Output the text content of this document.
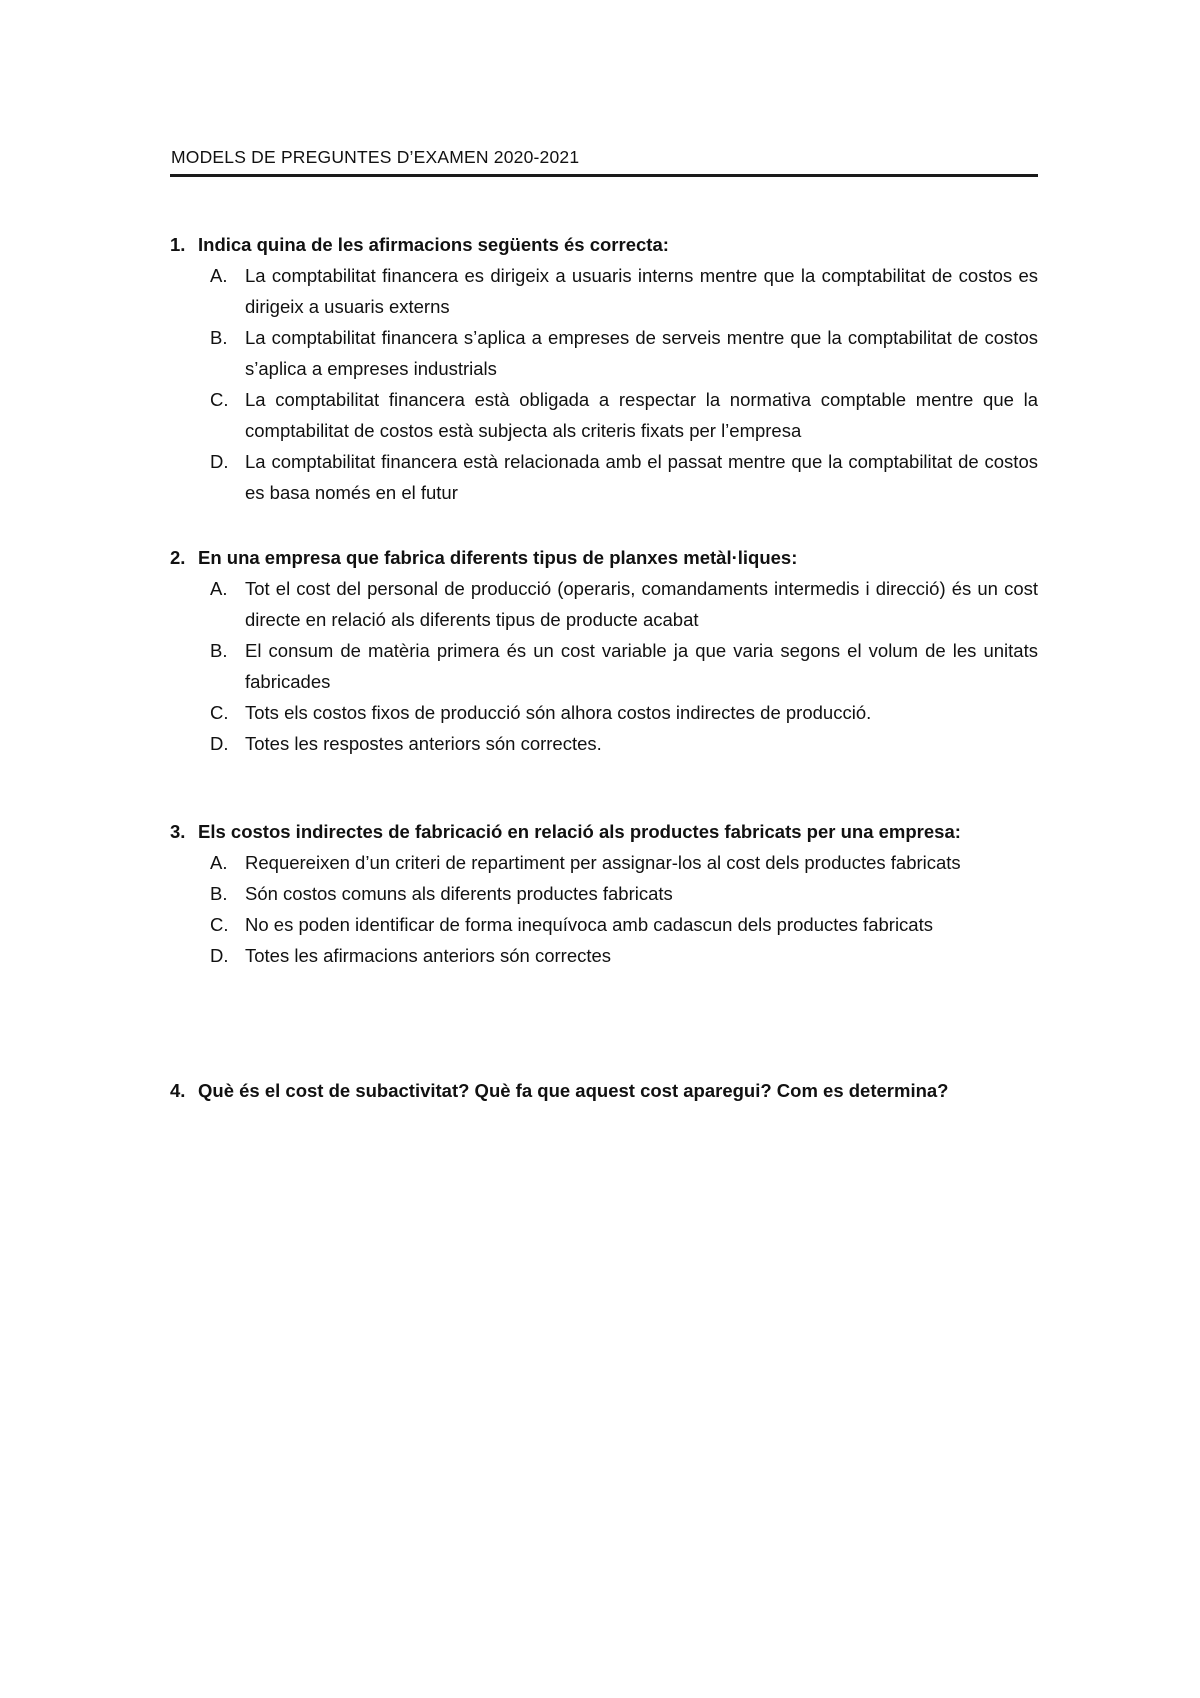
MODELS DE PREGUNTES D’EXAMEN 2020-2021
1. Indica quina de les afirmacions següents és correcta:
A. La comptabilitat financera es dirigeix a usuaris interns mentre que la comptabilitat de costos es dirigeix a usuaris externs
B. La comptabilitat financera s’aplica a empreses de serveis mentre que la comptabilitat de costos s’aplica a empreses industrials
C. La comptabilitat financera està obligada a respectar la normativa comptable mentre que la comptabilitat de costos està subjecta als criteris fixats per l’empresa
D. La comptabilitat financera està relacionada amb el passat mentre que la comptabilitat de costos es basa només en el futur
2. En una empresa que fabrica diferents tipus de planxes metàl·liques:
A. Tot el cost del personal de producció (operaris, comandaments intermedis i direcció) és un cost directe en relació als diferents tipus de producte acabat
B. El consum de matèria primera és un cost variable ja que varia segons el volum de les unitats fabricades
C. Tots els costos fixos de producció són alhora costos indirectes de producció.
D. Totes les respostes anteriors són correctes.
3. Els costos indirectes de fabricació en relació als productes fabricats per una empresa:
A. Requereixen d’un criteri de repartiment per assignar-los al cost dels productes fabricats
B. Són costos comuns als diferents productes fabricats
C. No es poden identificar de forma inequívoca amb cadascun dels productes fabricats
D. Totes les afirmacions anteriors són correctes
4. Què és el cost de subactivitat? Què fa que aquest cost aparegui? Com es determina?
